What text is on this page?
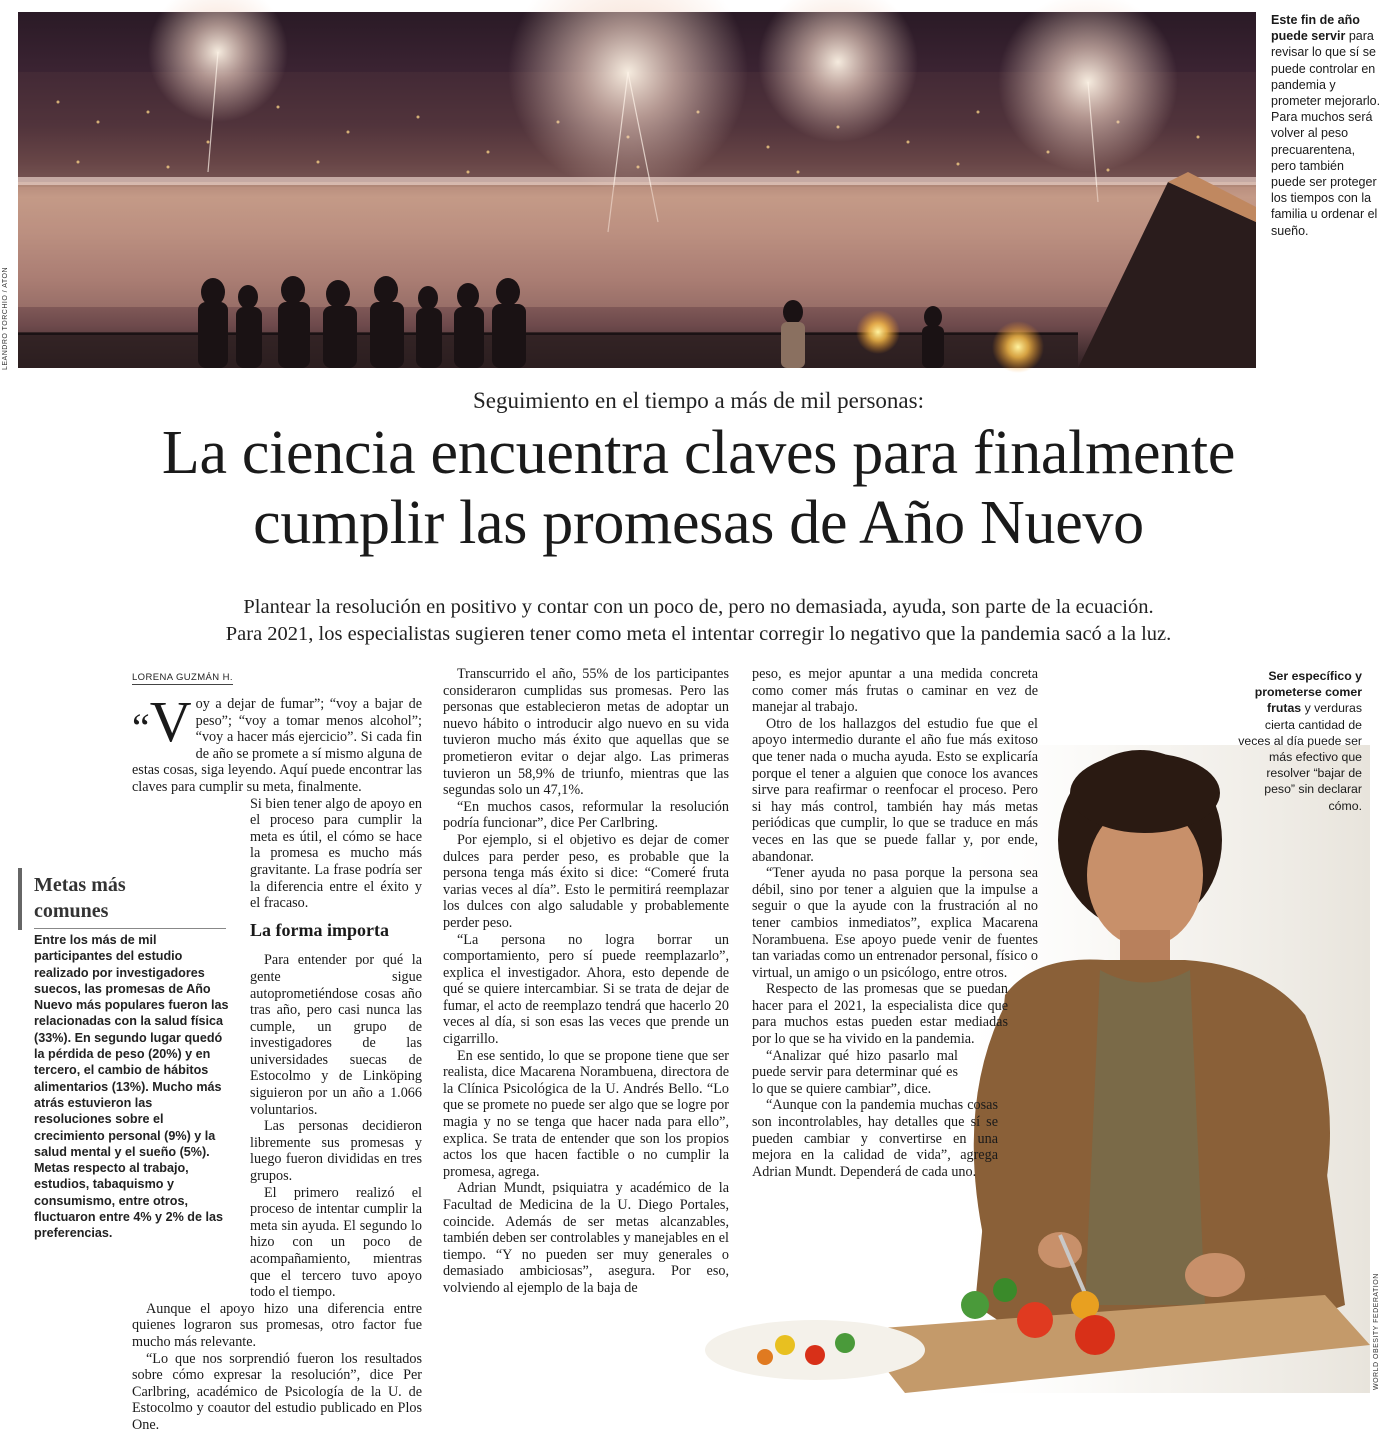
LEANDRO TORCHIO / ATON
Este fin de año puede servir para revisar lo que sí se puede controlar en pandemia y prometer mejorarlo. Para muchos será volver al peso precuarentena, pero también puede ser proteger los tiempos con la familia u ordenar el sueño.
Seguimiento en el tiempo a más de mil personas:
La ciencia encuentra claves para finalmente
cumplir las promesas de Año Nuevo
Plantear la resolución en positivo y contar con un poco de, pero no demasiada, ayuda, son parte de la ecuación.
Para 2021, los especialistas sugieren tener como meta el intentar corregir lo negativo que la pandemia sacó a la luz.
LORENA GUZMÁN H.

“V oy a dejar de fumar”; “voy a bajar de peso”; “voy a tomar menos alcohol”; “voy a hacer más ejercicio”. Si cada fin de año se promete a sí mismo alguna de estas cosas, siga leyendo. Aquí puede encontrar las claves para cumplir su meta, finalmente.

Si bien tener algo de apoyo en el proceso para cumplir la meta es útil, el cómo se hace la promesa es mucho más gravitante. La frase podría ser la diferencia entre el éxito y el fracaso.

La forma importa

Para entender por qué la gente sigue autoprometiéndose cosas año tras año, pero casi nunca las cumple, un grupo de investigadores de las universidades suecas de Estocolmo y de Linköping siguieron por un año a 1.066 voluntarios.

Las personas decidieron libremente sus promesas y luego fueron divididas en tres grupos.

El primero realizó el proceso de intentar cumplir la meta sin ayuda. El segundo lo hizo con un poco de acompañamiento, mientras que el tercero tuvo apoyo todo el tiempo.

Aunque el apoyo hizo una diferencia entre quienes lograron sus promesas, otro factor fue mucho más relevante.

“Lo que nos sorprendió fueron los resultados sobre cómo expresar la resolución”, dice Per Carlbring, académico de Psicología de la U. de Estocolmo y coautor del estudio publicado en Plos One.

Transcurrido el año, 55% de los participantes consideraron cumplidas sus promesas. Pero las personas que establecieron metas de adoptar un nuevo hábito o introducir algo nuevo en su vida tuvieron mucho más éxito que aquellas que se prometieron evitar o dejar algo. Las primeras tuvieron un 58,9% de triunfo, mientras que las segundas solo un 47,1%.

“En muchos casos, reformular la resolución podría funcionar”, dice Per Carlbring.

Por ejemplo, si el objetivo es dejar de comer dulces para perder peso, es probable que la persona tenga más éxito si dice: “Comeré fruta varias veces al día”. Esto le permitirá reemplazar los dulces con algo saludable y probablemente perder peso.

“La persona no logra borrar un comportamiento, pero sí puede reemplazarlo”, explica el investigador. Ahora, esto depende de qué se quiere intercambiar. Si se trata de dejar de fumar, el acto de reemplazo tendrá que hacerlo 20 veces al día, si son esas las veces que prende un cigarrillo.

En ese sentido, lo que se propone tiene que ser realista, dice Macarena Norambuena, directora de la Clínica Psicológica de la U. Andrés Bello. “Lo que se promete no puede ser algo que se logre por magia y no se tenga que hacer nada para ello”, explica. Se trata de entender que son los propios actos los que hacen factible o no cumplir la promesa, agrega.

Adrian Mundt, psiquiatra y académico de la Facultad de Medicina de la U. Diego Portales, coincide. Además de ser metas alcanzables, también deben ser controlables y manejables en el tiempo. “Y no pueden ser muy generales o demasiado ambiciosas”, asegura. Por eso, volviendo al ejemplo de la baja de	WORLD OBESITY FEDERATION

peso, es mejor apuntar a una medida concreta como comer más frutas o caminar en vez de manejar al trabajo.

Otro de los hallazgos del estudio fue que el apoyo intermedio durante el año fue más exitoso que tener nada o mucha ayuda. Esto se explicaría porque el tener a alguien que conoce los avances sirve para reafirmar o reenfocar el proceso. Pero si hay más control, también hay más metas periódicas que cumplir, lo que se traduce en más veces en las que se puede fallar y, por ende, abandonar.

“Tener ayuda no pasa porque la persona sea débil, sino por tener a alguien que la impulse a seguir o que la ayude con la frustración al no tener cambios inmediatos”, explica Macarena Norambuena. Ese apoyo puede venir de fuentes tan variadas como un entrenador personal, físico o virtual, un amigo o un psicólogo, entre otros.

Respecto de las promesas que se puedan hacer para el 2021, la especialista dice que para muchos estas pueden estar mediadas por lo que se ha vivido en la pandemia.

“Analizar qué hizo pasarlo mal puede servir para determinar qué es lo que se quiere cambiar”, dice.

“Aunque con la pandemia muchas cosas son incontrolables, hay detalles que sí se pueden cambiar y convertirse en una mejora en la calidad de vida”, agrega Adrian Mundt. Dependerá de cada uno.

Metas más comunes
Entre los más de mil participantes del estudio realizado por investigadores suecos, las promesas de Año Nuevo más populares fueron las relacionadas con la salud física (33%). En segundo lugar quedó la pérdida de peso (20%) y en tercero, el cambio de hábitos alimentarios (13%). Mucho más atrás estuvieron las resoluciones sobre el crecimiento personal (9%) y la salud mental y el sueño (5%). Metas respecto al trabajo, estudios, tabaquismo y consumismo, entre otros, fluctuaron entre 4% y 2% de las preferencias.
Ser específico y prometerse comer frutas y verduras cierta cantidad de veces al día puede ser más efectivo que resolver “bajar de peso” sin declarar cómo.
